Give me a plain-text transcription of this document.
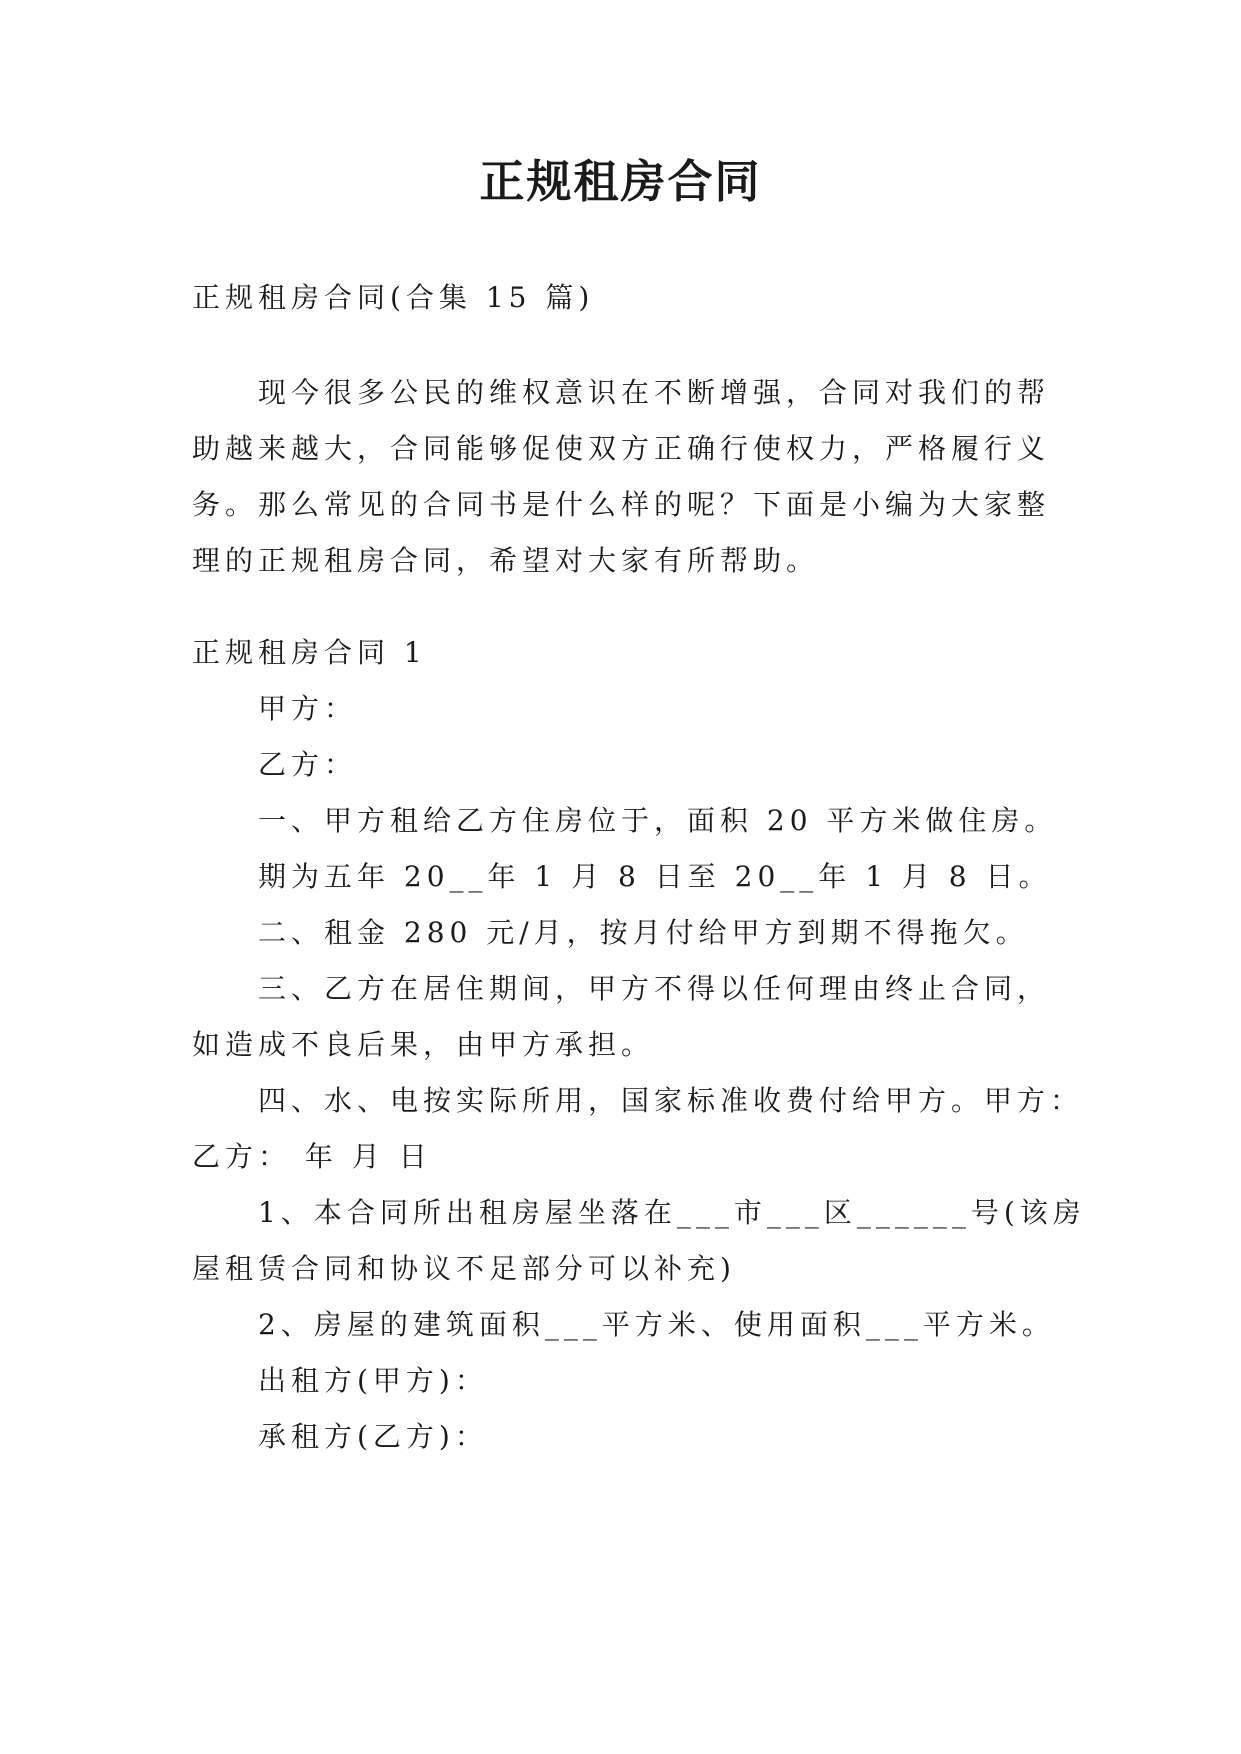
正规租房合同
正规租房合同(合集 15 篇)
现今很多公民的维权意识在不断增强，合同对我们的帮
助越来越大，合同能够促使双方正确行使权力，严格履行义
务。那么常见的合同书是什么样的呢？下面是小编为大家整
理的正规租房合同，希望对大家有所帮助。
正规租房合同 1
甲方：
乙方：
一、甲方租给乙方住房位于，面积 20 平方米做住房。
期为五年 20__年 1 月 8 日至 20__年 1 月 8 日。
二、租金 280 元/月，按月付给甲方到期不得拖欠。
三、乙方在居住期间，甲方不得以任何理由终止合同，
如造成不良后果，由甲方承担。
四、水、电按实际所用，国家标准收费付给甲方。甲方：
乙方： 年 月 日
1、本合同所出租房屋坐落在___市___区______号(该房
屋租赁合同和协议不足部分可以补充)
2、房屋的建筑面积___平方米、使用面积___平方米。
出租方(甲方)：
承租方(乙方)：
